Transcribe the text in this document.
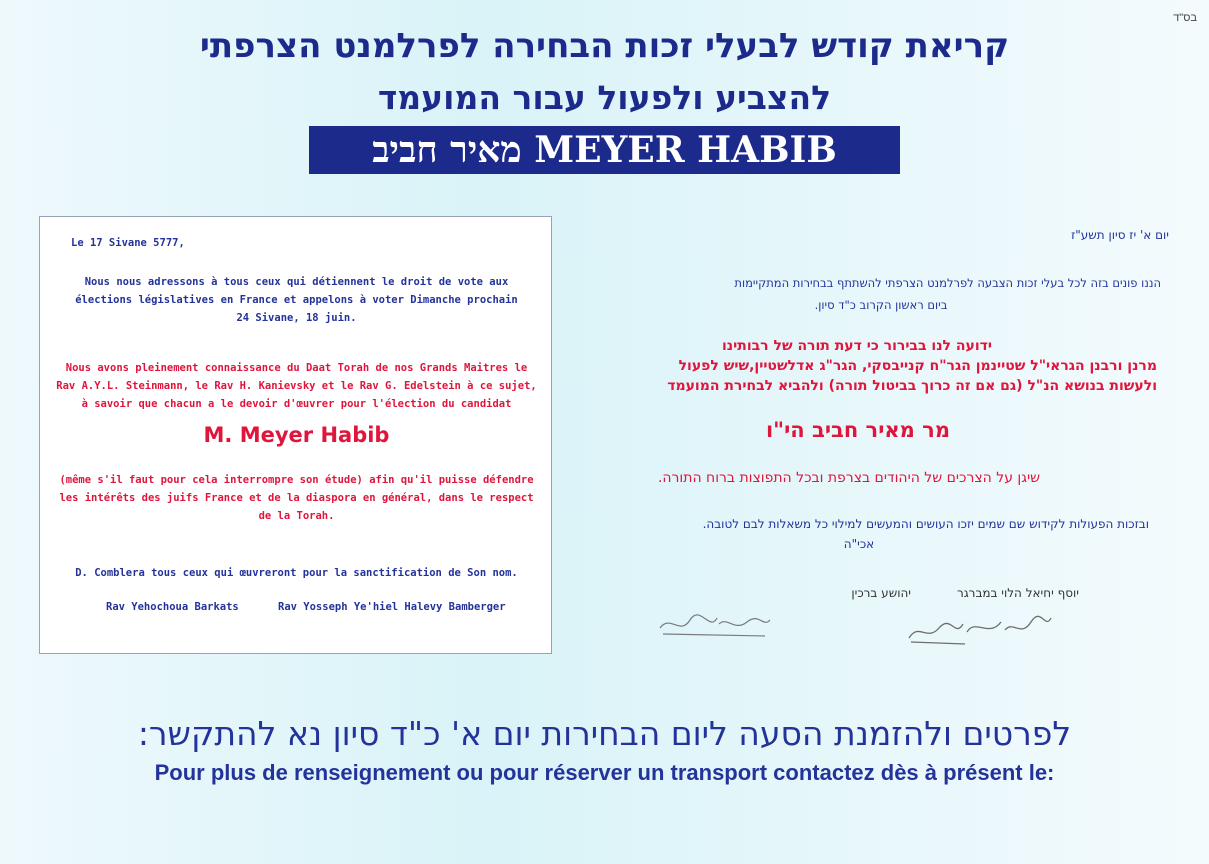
בס"ד
קריאת קודש לבעלי זכות הבחירה לפרלמנט הצרפתי
להצביע ולפעול עבור המועמד
MEYER HABIB מאיר חביב
Le 17 Sivane 5777,
Nous nous adressons à tous ceux qui détiennent le droit de vote aux élections législatives en France et appelons à voter Dimanche prochain 24 Sivane, 18 juin.
Nous avons pleinement connaissance du Daat Torah de nos Grands Maitres le Rav A.Y.L. Steinmann, le Rav H. Kanievsky et le Rav G. Edelstein à ce sujet, à savoir que chacun a le devoir d'œuvrer pour l'élection du candidat
M. Meyer Habib
(même s'il faut pour cela interrompre son étude) afin qu'il puisse défendre les intérêts des juifs France et de la diaspora en général, dans le respect de la Torah.
D. Comblera tous ceux qui œuvreront pour la sanctification de Son nom.
Rav Yehochoua Barkats	Rav Yosseph Ye'hiel Halevy Bamberger
יום א' יז סיון תשע"ז
הננו פונים בזה לכל בעלי זכות הצבעה לפרלמנט הצרפתי להשתתף בבחירות המתקיימות
ביום ראשון הקרוב כ"ד סיון.
ידועה לנו בבירור כי דעת תורה של רבותינו
מרנן ורבנן הגראי"ל שטיינמן הגר"ח קנייבסקי, הגר"ג אדלשטיין,שיש לפעול
ולעשות בנושא הנ"ל (גם אם זה כרוך בביטול תורה) ולהביא לבחירת המועמד
מר מאיר חביב הי"ו
שיגן על הצרכים של היהודים בצרפת ובכל התפוצות ברוח התורה.
ובזכות הפעולות לקידוש שם שמים יזכו העושים והמעשים למילוי כל משאלות לבם לטובה.
אכי"ה
יהושע ברכין	יוסף יחיאל הלוי במברגר
לפרטים ולהזמנת הסעה ליום הבחירות יום א' כ"ד סיון נא להתקשר:
Pour plus de renseignement ou pour réserver un transport contactez dès à présent le:
